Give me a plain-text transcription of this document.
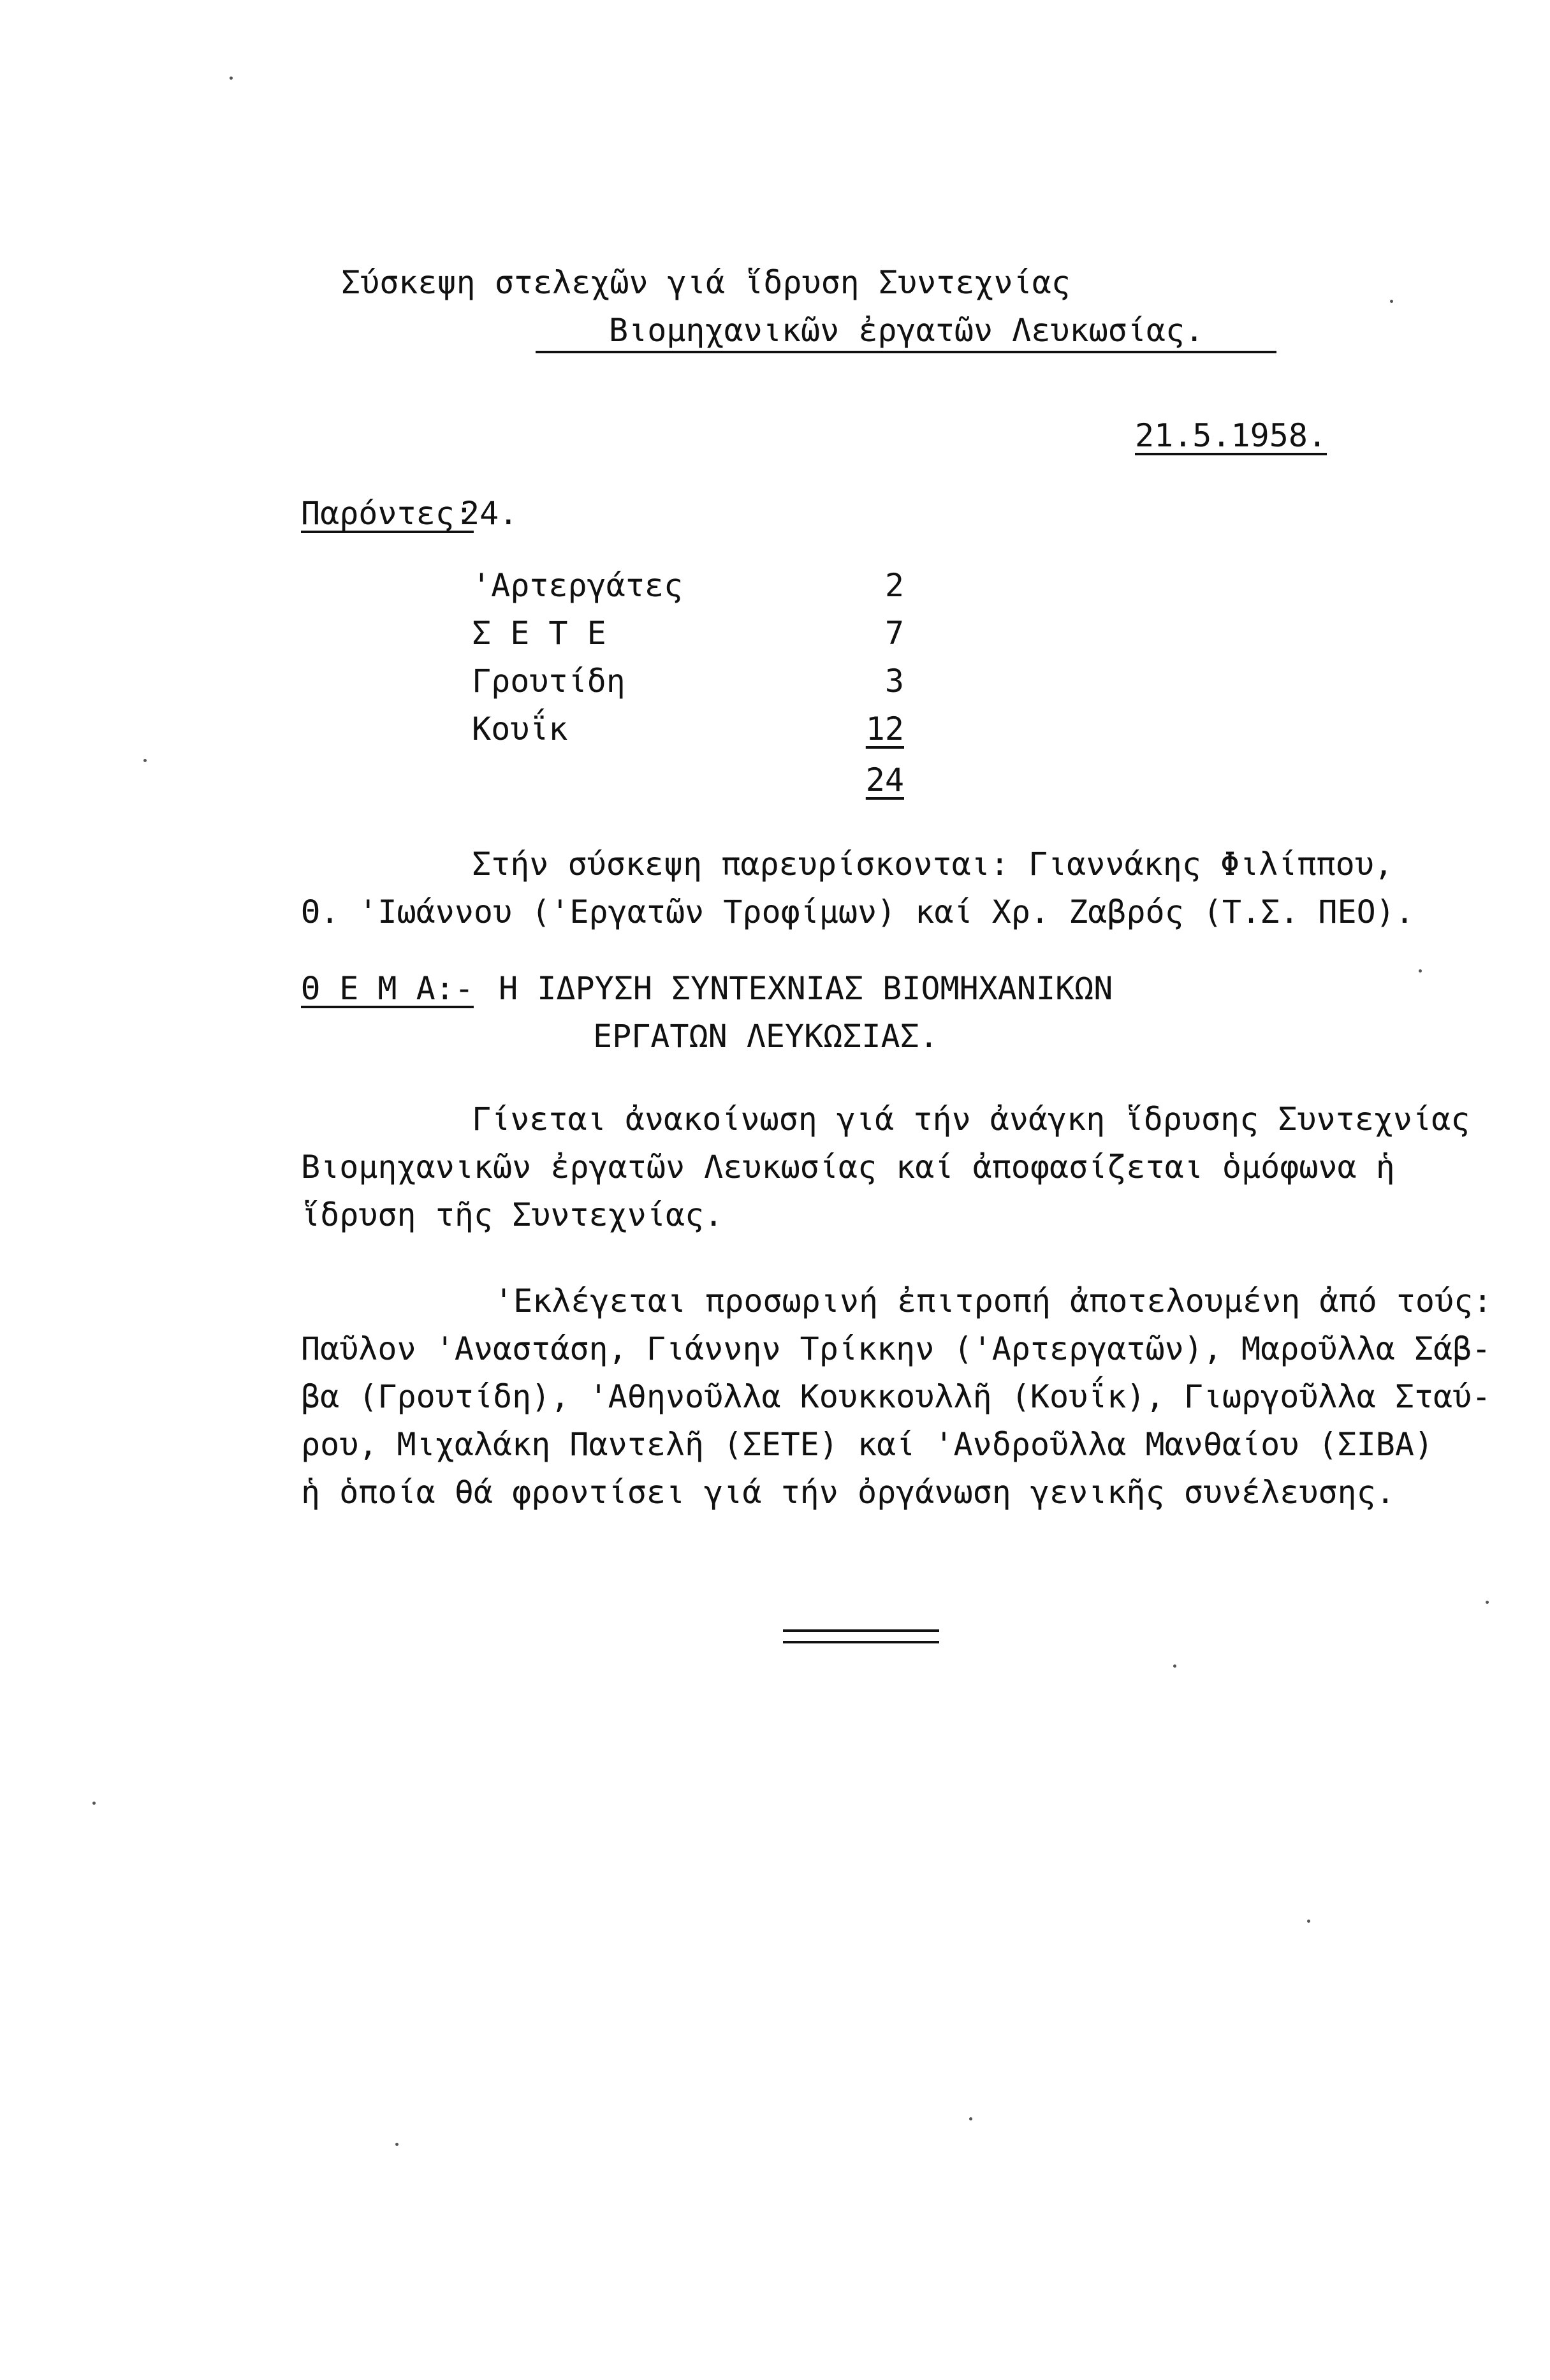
Σύσκεψη στελεχῶν γιά ἵδρυση Συντεχνίας
Βιομηχανικῶν ἐργατῶν Λευκωσίας.
21.5.1958.
Παρόντες:
24.
'Αρτεργάτες	2
Σ Ε Τ Ε	7
Γρουτίδη	3
Κουΐκ	12
24
Στήν σύσκεψη παρευρίσκονται: Γιαννάκης Φιλίππου,
Θ. 'Ιωάννου ('Εργατῶν Τροφίμων) καί Χρ. Ζαβρός (Τ.Σ. ΠΕΟ).
Θ Ε Μ Α:- Η ΙΔΡΥΣΗ ΣΥΝΤΕΧΝΙΑΣ ΒΙΟΜΗΧΑΝΙΚΩΝ
ΕΡΓΑΤΩΝ ΛΕΥΚΩΣΙΑΣ.
Γίνεται ἀνακοίνωση γιά τήν ἀνάγκη ἵδρυσης Συντεχνίας
Βιομηχανικῶν ἐργατῶν Λευκωσίας καί ἀποφασίζεται ὁμόφωνα ἡ
ἵδρυση τῆς Συντεχνίας.
'Εκλέγεται προσωρινή ἐπιτροπή ἀποτελουμένη ἀπό τούς:
Παῦλον 'Αναστάση, Γιάννην Τρίκκην ('Αρτεργατῶν), Μαροῦλλα Σάβ-
βα (Γρουτίδη), 'Αθηνοῦλλα Κουκκουλλῆ (Κουΐκ), Γιωργοῦλλα Σταύ-
ρου, Μιχαλάκη Παντελῆ (ΣΕΤΕ) καί 'Ανδροῦλλα Μανθαίου (ΣΙΒΑ)
ἡ ὁποία θά φροντίσει γιά τήν ὀργάνωση γενικῆς συνέλευσης.
